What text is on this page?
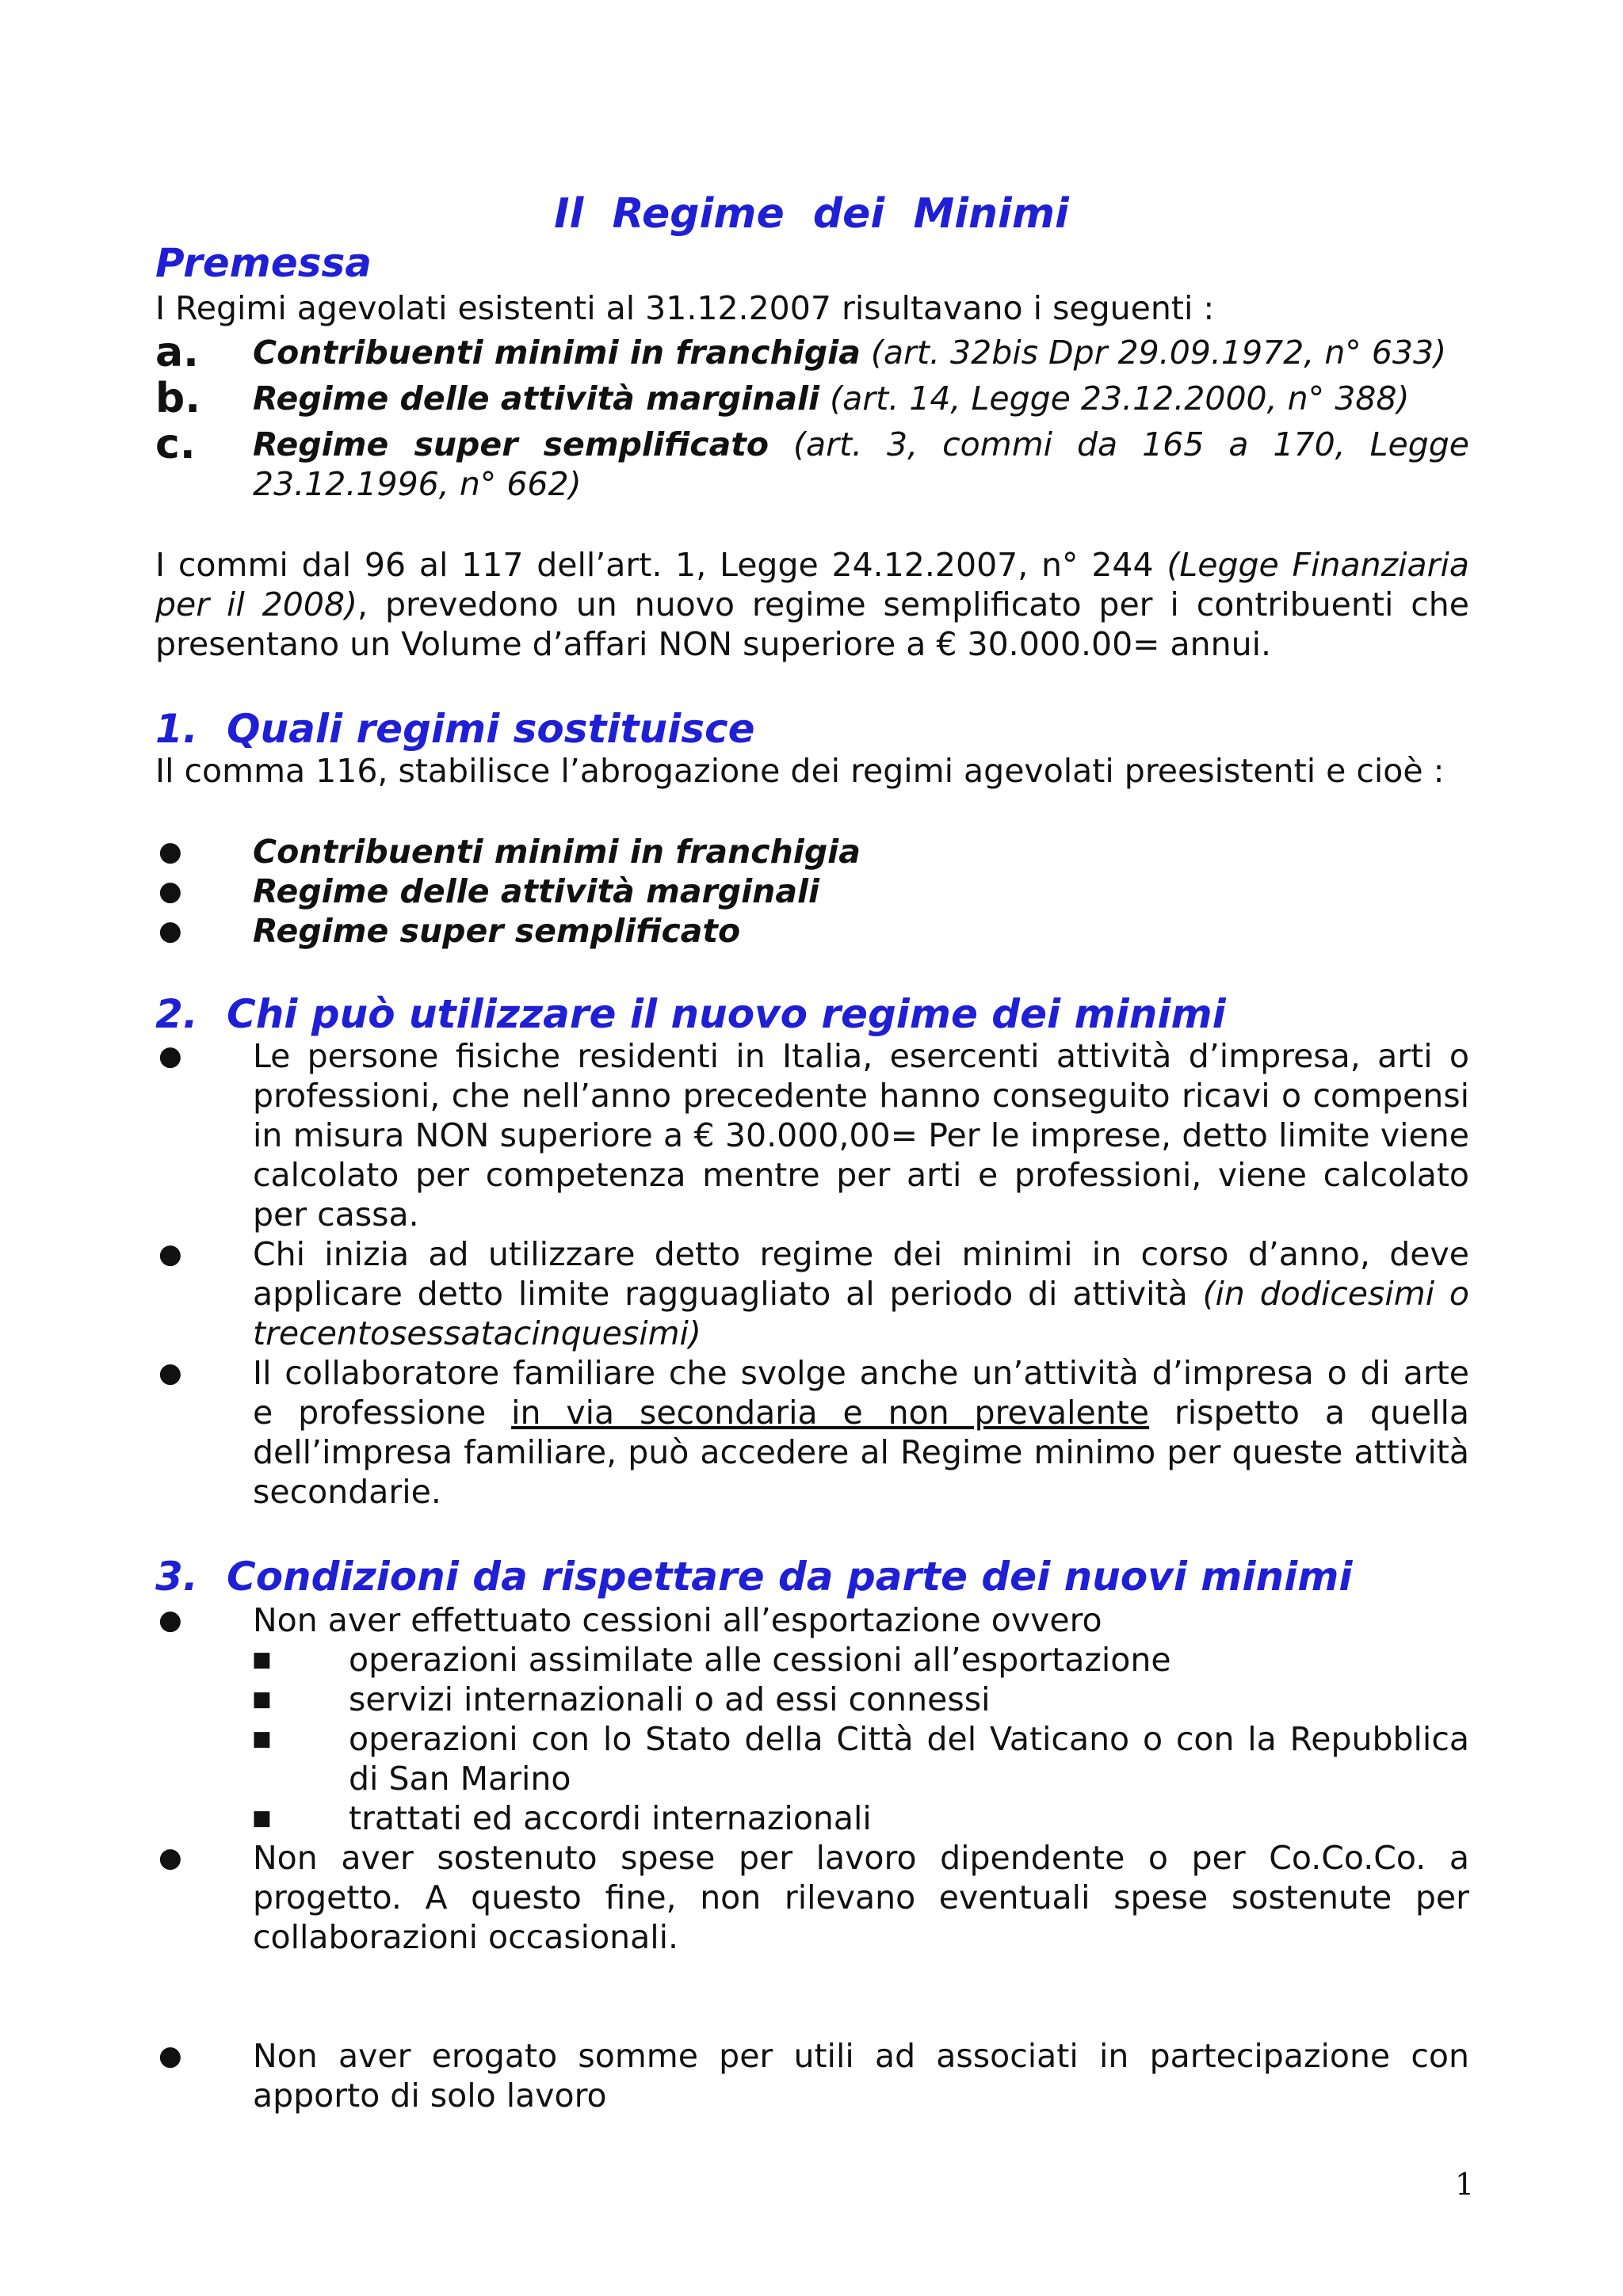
Il  Regime  dei  Minimi
Premessa
I Regimi agevolati esistenti al 31.12.2007 risultavano i seguenti :
a. Contribuenti minimi in franchigia (art. 32bis Dpr 29.09.1972, n° 633)
b. Regime delle attività marginali (art. 14, Legge 23.12.2000, n° 388)
c. Regime super semplificato (art. 3, commi da 165 a 170, Legge 23.12.1996, n° 662)
I commi dal 96 al 117 dell’art. 1, Legge 24.12.2007, n° 244 (Legge Finanziaria per il 2008), prevedono un nuovo regime semplificato per i contribuenti che presentano un Volume d’affari NON superiore a € 30.000.00= annui.
1. Quali regimi sostituisce
Il comma 116, stabilisce l’abrogazione dei regimi agevolati preesistenti e cioè :
● Contribuenti minimi in franchigia
● Regime delle attività marginali
● Regime super semplificato
2. Chi può utilizzare il nuovo regime dei minimi
● Le persone fisiche residenti in Italia, esercenti attività d’impresa, arti o professioni, che nell’anno precedente hanno conseguito ricavi o compensi in misura NON superiore a € 30.000,00= Per le imprese, detto limite viene calcolato per competenza mentre per arti e professioni, viene calcolato per cassa.
● Chi inizia ad utilizzare detto regime dei minimi in corso d’anno, deve applicare detto limite ragguagliato al periodo di attività (in dodicesimi o trecentosessatacinquesimi)
● Il collaboratore familiare che svolge anche un’attività d’impresa o di arte e professione in via secondaria e non prevalente rispetto a quella dell’impresa familiare, può accedere al Regime minimo per queste attività secondarie.
3. Condizioni da rispettare da parte dei nuovi minimi
● Non aver effettuato cessioni all’esportazione ovvero
■ operazioni assimilate alle cessioni all’esportazione
■ servizi internazionali o ad essi connessi
■ operazioni con lo Stato della Città del Vaticano o con la Repubblica di San Marino
■ trattati ed accordi internazionali
● Non aver sostenuto spese per lavoro dipendente o per Co.Co.Co. a progetto. A questo fine, non rilevano eventuali spese sostenute per collaborazioni occasionali.
● Non aver erogato somme per utili ad associati in partecipazione con apporto di solo lavoro
1
